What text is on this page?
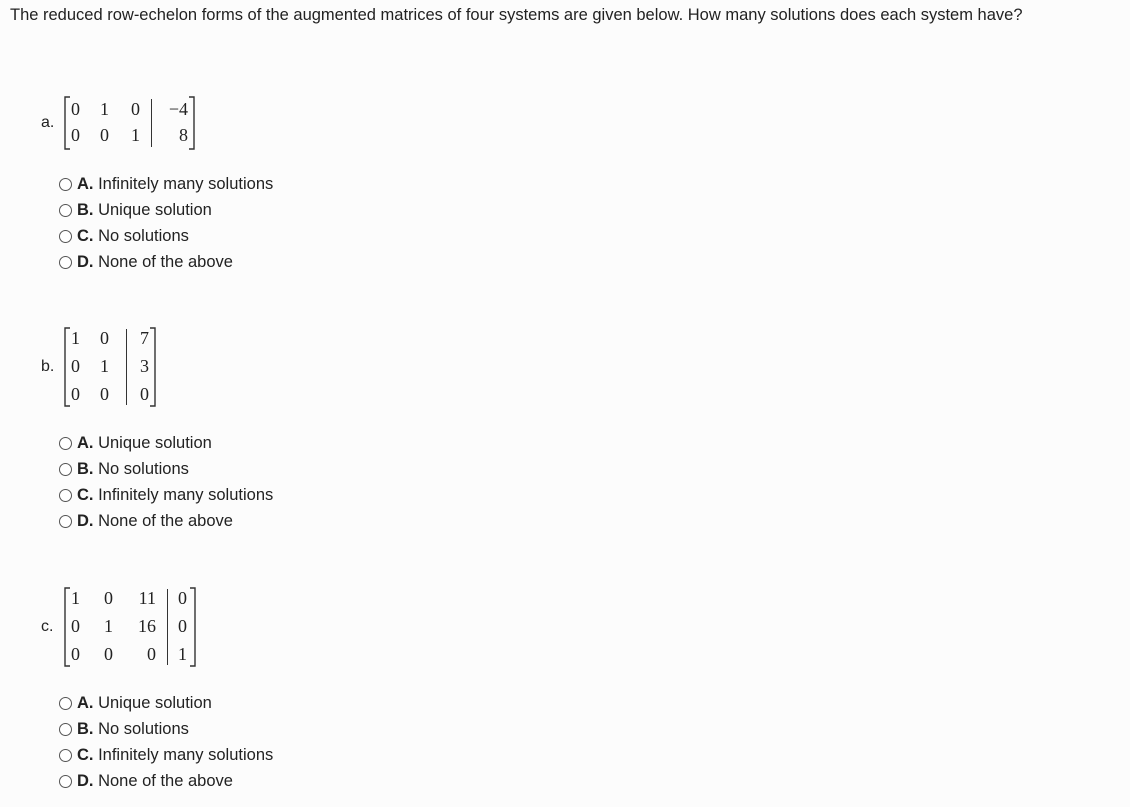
The reduced row-echelon forms of the augmented matrices of four systems are given below. How many solutions does each system have?
a.
0 1 0	−4
0 0 1	8
A. Infinitely many solutions
B. Unique solution
C. No solutions
D. None of the above
b.
1 0 7
0 1 3
0 0 0
A. Unique solution
B. No solutions
C. Infinitely many solutions
D. None of the above
c.
1 0	11 0
0 1	16 0
0 0	0 1
A. Unique solution
B. No solutions
C. Infinitely many solutions
D. None of the above
